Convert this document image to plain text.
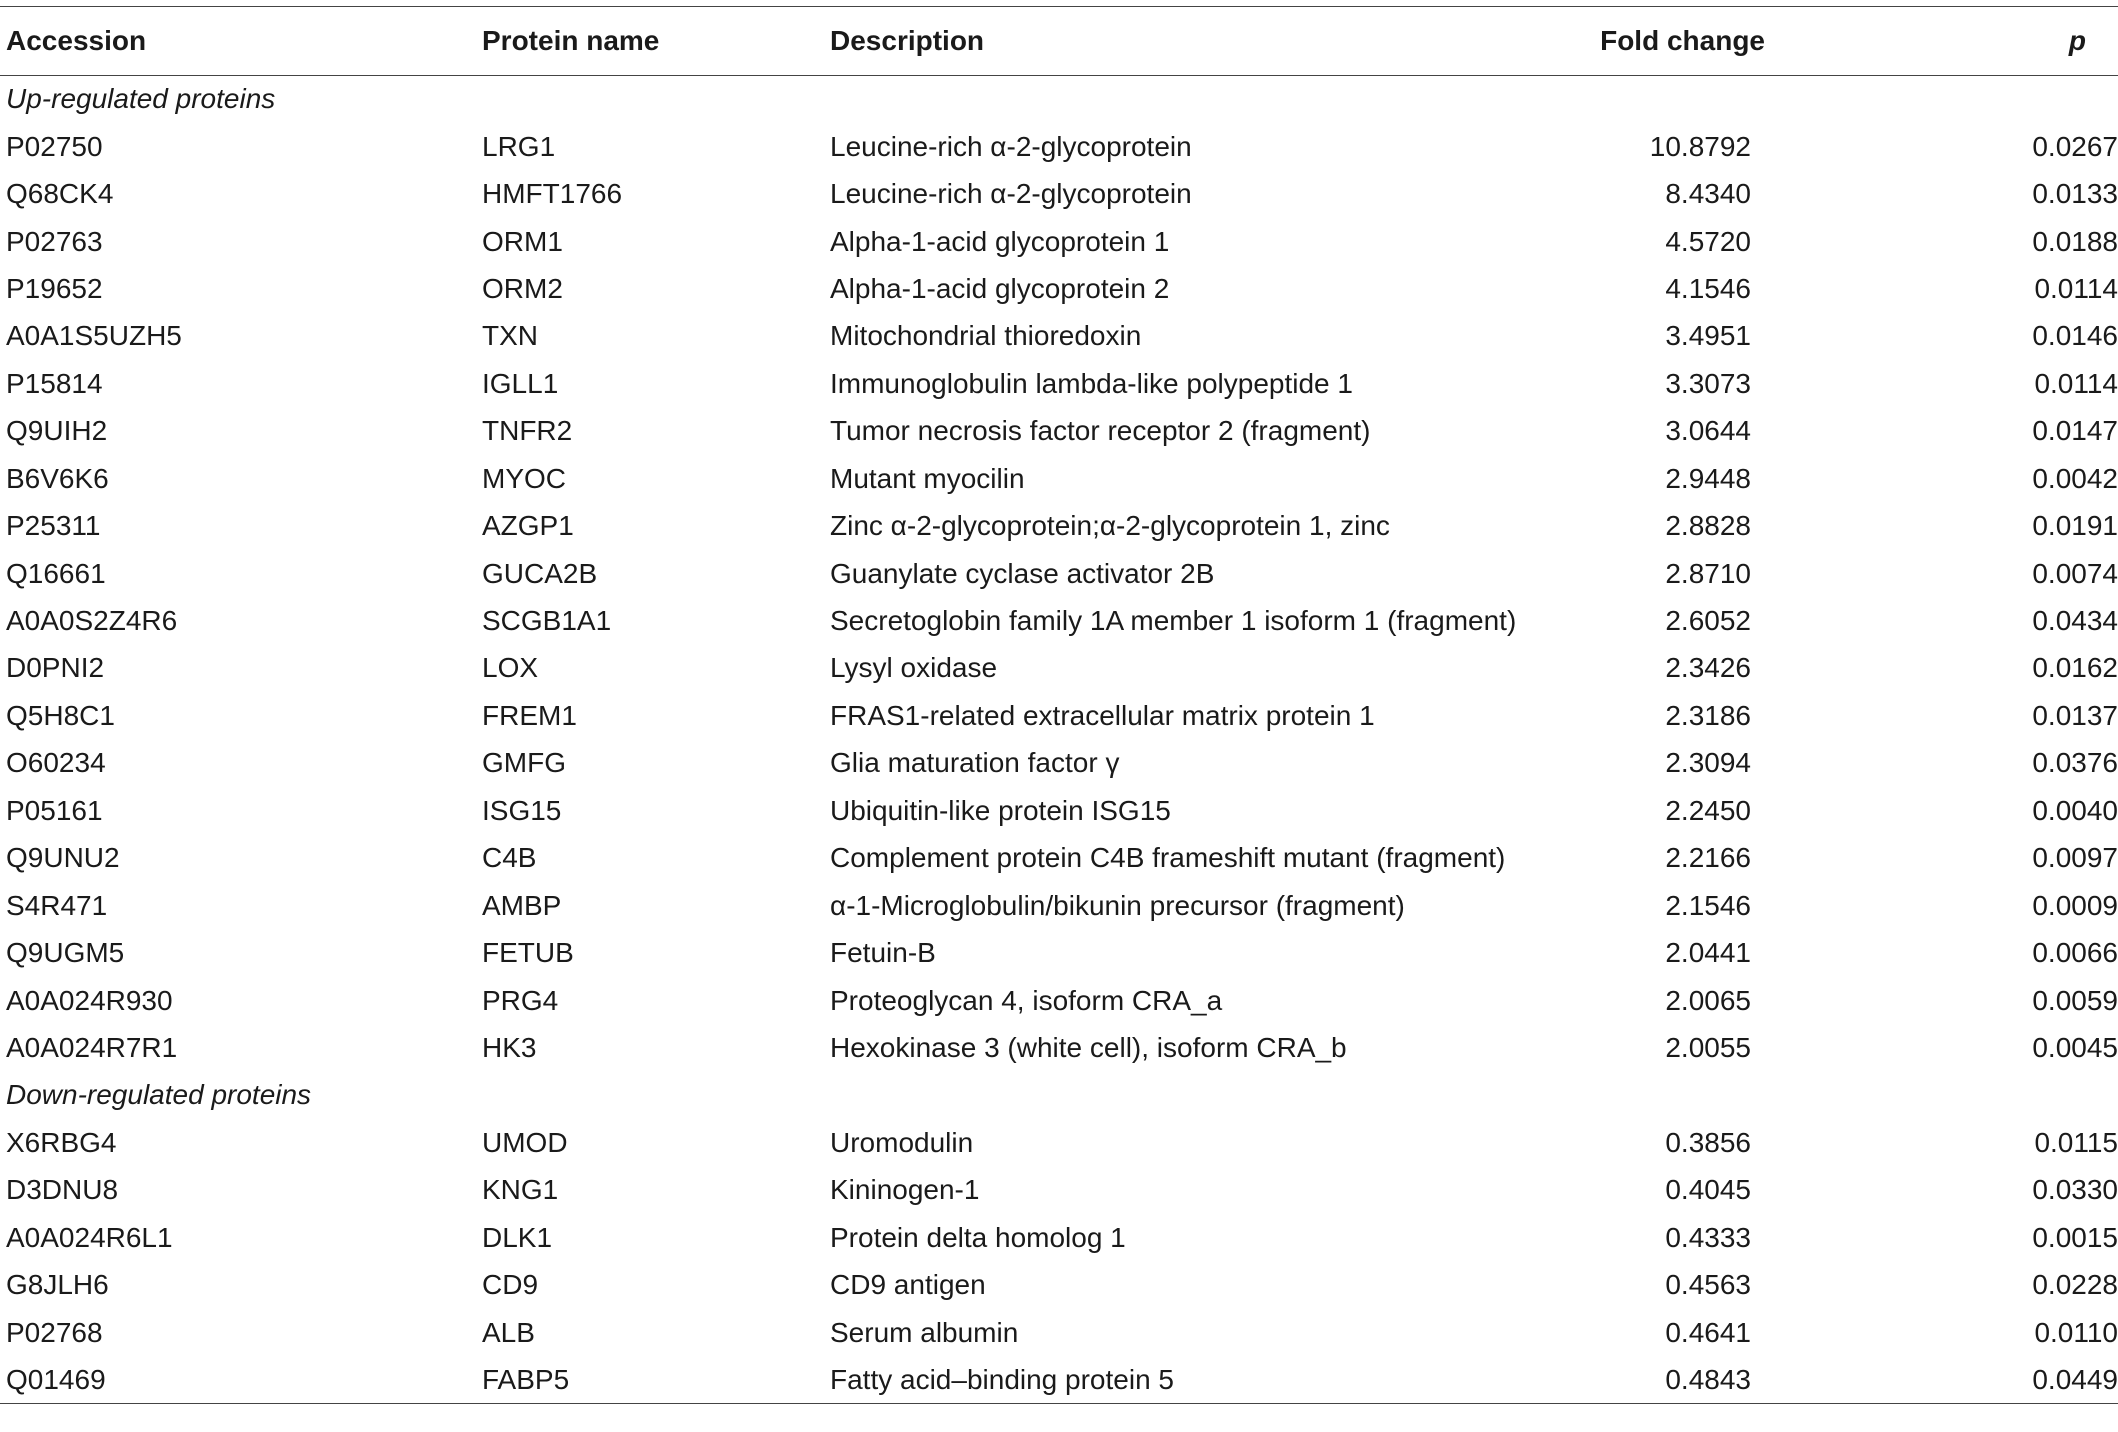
Accession	Protein name	Description	Fold change	p
Up-regulated proteins				
P02750	LRG1	Leucine-rich α-2-glycoprotein	10.8792	0.0267
Q68CK4	HMFT1766	Leucine-rich α-2-glycoprotein	8.4340	0.0133
P02763	ORM1	Alpha-1-acid glycoprotein 1	4.5720	0.0188
P19652	ORM2	Alpha-1-acid glycoprotein 2	4.1546	0.0114
A0A1S5UZH5	TXN	Mitochondrial thioredoxin	3.4951	0.0146
P15814	IGLL1	Immunoglobulin lambda-like polypeptide 1	3.3073	0.0114
Q9UIH2	TNFR2	Tumor necrosis factor receptor 2 (fragment)	3.0644	0.0147
B6V6K6	MYOC	Mutant myocilin	2.9448	0.0042
P25311	AZGP1	Zinc α-2-glycoprotein;α-2-glycoprotein 1, zinc	2.8828	0.0191
Q16661	GUCA2B	Guanylate cyclase activator 2B	2.8710	0.0074
A0A0S2Z4R6	SCGB1A1	Secretoglobin family 1A member 1 isoform 1 (fragment)	2.6052	0.0434
D0PNI2	LOX	Lysyl oxidase	2.3426	0.0162
Q5H8C1	FREM1	FRAS1-related extracellular matrix protein 1	2.3186	0.0137
O60234	GMFG	Glia maturation factor γ	2.3094	0.0376
P05161	ISG15	Ubiquitin-like protein ISG15	2.2450	0.0040
Q9UNU2	C4B	Complement protein C4B frameshift mutant (fragment)	2.2166	0.0097
S4R471	AMBP	α-1-Microglobulin/bikunin precursor (fragment)	2.1546	0.0009
Q9UGM5	FETUB	Fetuin-B	2.0441	0.0066
A0A024R930	PRG4	Proteoglycan 4, isoform CRA_a	2.0065	0.0059
A0A024R7R1	HK3	Hexokinase 3 (white cell), isoform CRA_b	2.0055	0.0045
Down-regulated proteins				
X6RBG4	UMOD	Uromodulin	0.3856	0.0115
D3DNU8	KNG1	Kininogen-1	0.4045	0.0330
A0A024R6L1	DLK1	Protein delta homolog 1	0.4333	0.0015
G8JLH6	CD9	CD9 antigen	0.4563	0.0228
P02768	ALB	Serum albumin	0.4641	0.0110
Q01469	FABP5	Fatty acid–binding protein 5	0.4843	0.0449
